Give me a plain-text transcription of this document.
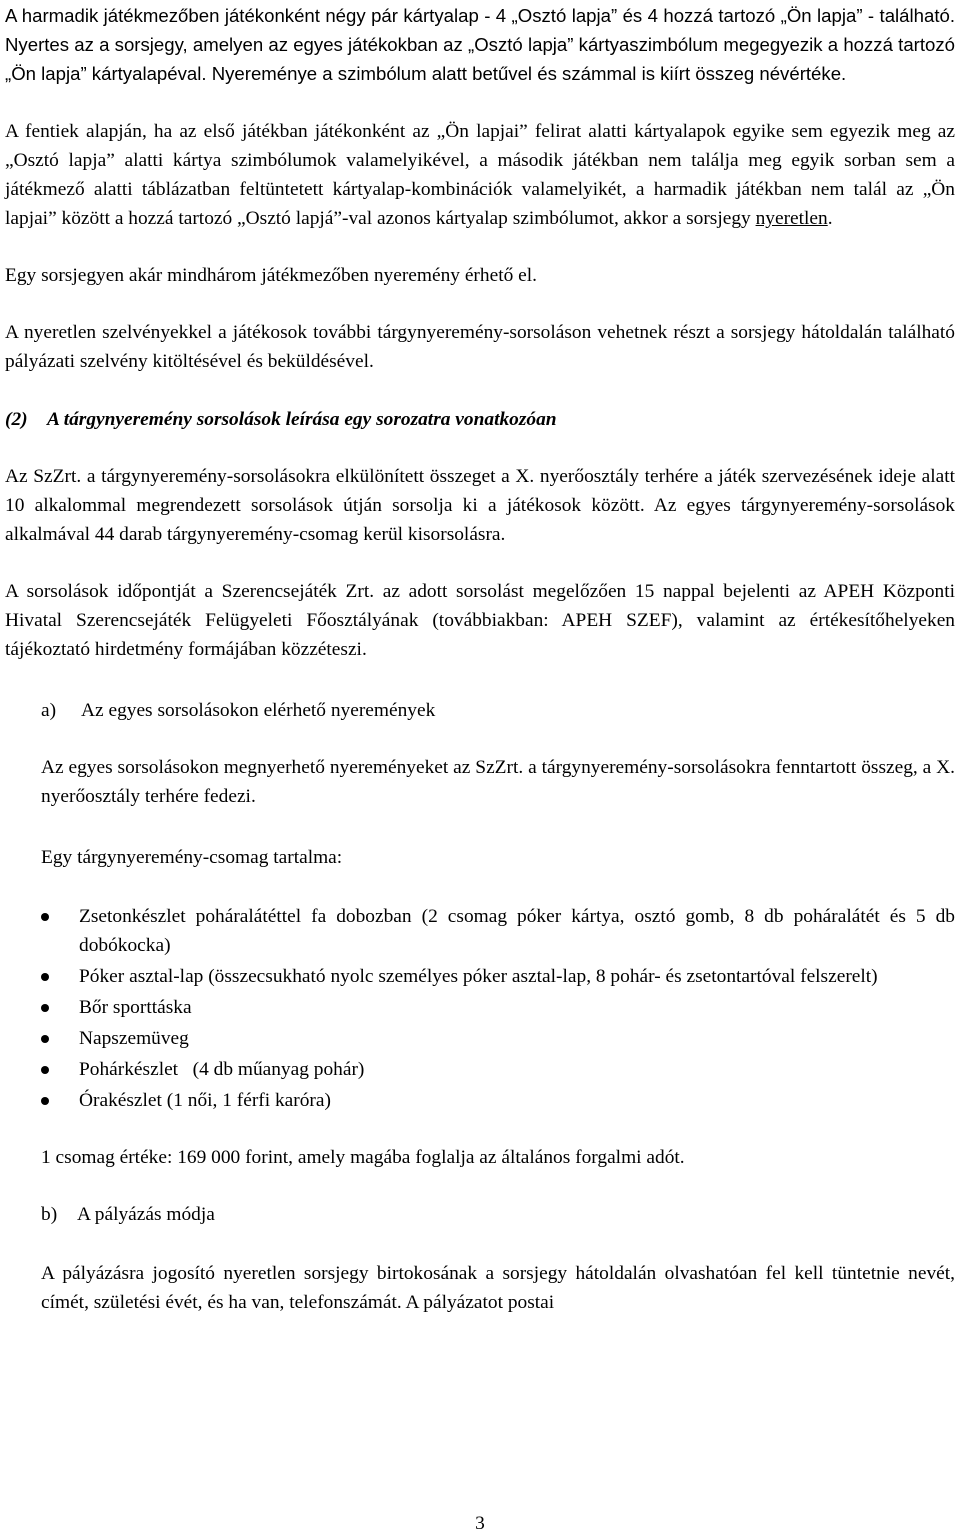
A harmadik játékmezőben játékonként négy pár kártyalap - 4 „Osztó lapja” és 4 hozzá tartozó „Ön lapja” - található. Nyertes az a sorsjegy, amelyen az egyes játékokban az „Osztó lapja” kártyaszimbólum megegyezik a hozzá tartozó „Ön lapja” kártyalapéval. Nyereménye a szimbólum alatt betűvel és számmal is kiírt összeg névértéke.

A fentiek alapján, ha az első játékban játékonként az „Ön lapjai” felirat alatti kártyalapok egyike sem egyezik meg az „Osztó lapja” alatti kártya szimbólumok valamelyikével, a második játékban nem találja meg egyik sorban sem a játékmező alatti táblázatban feltüntetett kártyalap-kombinációk valamelyikét, a harmadik játékban nem talál az „Ön lapjai” között a hozzá tartozó „Osztó lapjá”-val azonos kártyalap szimbólumot, akkor a sorsjegy nyeretlen.

Egy sorsjegyen akár mindhárom játékmezőben nyeremény érhető el.

A nyeretlen szelvényekkel a játékosok további tárgynyeremény-sorsoláson vehetnek részt a sorsjegy hátoldalán található pályázati szelvény kitöltésével és beküldésével.

(2) A tárgynyeremény sorsolások leírása egy sorozatra vonatkozóan

Az SzZrt. a tárgynyeremény-sorsolásokra elkülönített összeget a X. nyerőosztály terhére a játék szervezésének ideje alatt 10 alkalommal megrendezett sorsolások útján sorsolja ki a játékosok között. Az egyes tárgynyeremény-sorsolások alkalmával 44 darab tárgynyeremény-csomag kerül kisorsolásra.

A sorsolások időpontját a Szerencsejáték Zrt. az adott sorsolást megelőzően 15 nappal bejelenti az APEH Központi Hivatal Szerencsejáték Felügyeleti Főosztályának (továbbiakban: APEH SZEF), valamint az értékesítőhelyeken tájékoztató hirdetmény formájában közzéteszi.

a) Az egyes sorsolásokon elérhető nyeremények

Az egyes sorsolásokon megnyerhető nyereményeket az SzZrt. a tárgynyeremény-sorsolásokra fenntartott összeg, a X. nyerőosztály terhére fedezi.

Egy tárgynyeremény-csomag tartalma:

Zsetonkészlet poháralátéttel fa dobozban (2 csomag póker kártya, osztó gomb, 8 db poháralátét és 5 db dobókocka)
Póker asztal-lap (összecsukható nyolc személyes póker asztal-lap, 8 pohár- és zsetontartóval felszerelt)
Bőr sporttáska
Napszemüveg
Pohárkészlet   (4 db műanyag pohár)
Órakészlet (1 női, 1 férfi karóra)

1 csomag értéke: 169 000 forint, amely magába foglalja az általános forgalmi adót.

b) A pályázás módja

A pályázásra jogosító nyeretlen sorsjegy birtokosának a sorsjegy hátoldalán olvashatóan fel kell tüntetnie nevét, címét, születési évét, és ha van, telefonszámát. A pályázatot postai

3
